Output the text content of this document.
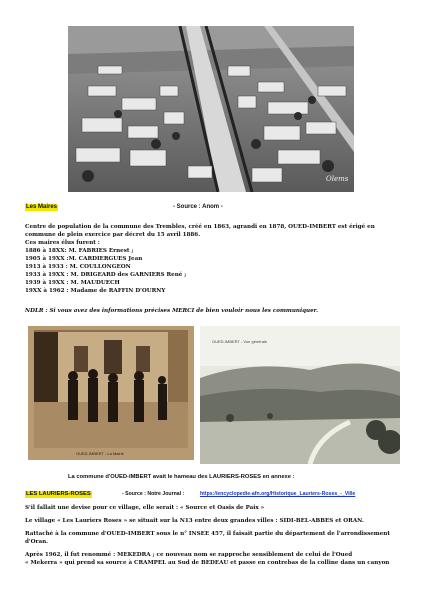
Olems
Les Maires	- Source : Anom -
Centre de population de la commune des Trembles, créé en 1863, agrandi en 1878, OUED-IMBERT est érigé en
commune de plein exercice par décret du 15 avril 1886.
Ces maires élus furent :
1886 à 18XX: M. FABRIES Ernest ;
1905 à 19XX :M. CARDIERGUES Jean
1913 à 1933 : M. COULLONGEON
1933 à 19XX : M. DRIGEARD des GARNIERS René ;
1939 à 19XX : M. MAUDUECH
19XX à 1962 : Madame de RAFFIN D'OURNY
NDLR : Si vous avez des informations précises MERCI de bien vouloir nous les communiquer.
OUED-IMBERT - La Mairie
OUED-IMBERT - Vue générale
La commune d'OUED-IMBERT avait le hameau des LAURIERS-ROSES en annexe :
LES LAURIERS-ROSES	- Source : Notre Journal :	https://encyclopedie-afn.org/Historique_Lauriers-Roses_-_Ville
S'il fallait une devise pour ce village, elle serait : « Source et Oasis de Paix »
Le village « Les Lauriers Roses » se situait sur la N13 entre deux grandes villes : SIDI-BEL-ABBES et ORAN.
Rattaché à la commune d'OUED-IMBERT sous le n° INSEE 457, il faisait partie du département de l'arrondissement
d'Oran.
Après 1962, il fut renommé : MEKEDRA ; ce nouveau nom se rapproche sensiblement de celui de l'Oued
« Mekerra » qui prend sa source à CRAMPEL au Sud de BEDEAU et passe en contrebas de la colline dans un canyon
